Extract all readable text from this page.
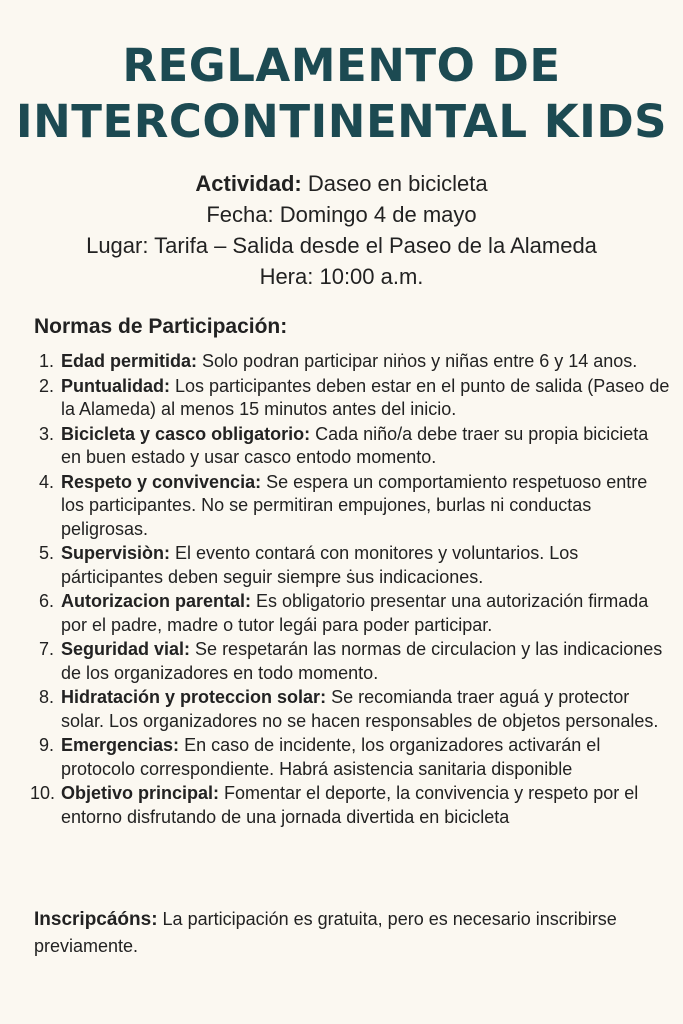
REGLAMENTO DE
INTERCONTINENTAL KIDS
Actividad: Daseo en bicicleta
Fecha: Domingo 4 de mayo
Lugar: Tarifa – Salida desde el Paseo de la Alameda
Hera: 10:00 a.m.
Normas de Participación:
1. Edad permitida: Solo podran participar niṅos y niñas entre 6 y 14 anos.
2. Puntualidad: Los participantes deben estar en el punto de salida (Paseo de la Alameda) al menos 15 minutos antes del inicio.
3. Bicicleta y casco obligatorio: Cada niño/a debe traer su propia bicicieta en buen estado y usar casco entodo momento.
4. Respeto y convivencia: Se espera un comportamiento respetuoso entre los participantes. No se permitiran empujones, burlas ni conductas peligrosas.
5. Supervisiòn: El evento contará con monitores y voluntarios. Los párticipantes deben seguir siempre ṡus indicaciones.
6. Autorizacion parental: Es obligatorio presentar una autorización firmada por el padre, madre o tutor legái para poder participar.
7. Seguridad vial: Se respetarán las normas de circulacion y las indicaciones de los organizadores en todo momento.
8. Hidratación y proteccion solar: Se recomianda traer aguá y protector solar. Los organizadores no se hacen responsables de objetos personales.
9. Emergencias: En caso de incidente, los organizadores activarán el protocolo correspondiente. Habrá asistencia sanitaria disponible
10. Objetivo principal: Fomentar el deporte, la convivencia y respeto por el entorno disfrutando de una jornada divertida en bicicleta

Inscripcáóns: La participación es gratuita, pero es necesario inscribirse previamente.
